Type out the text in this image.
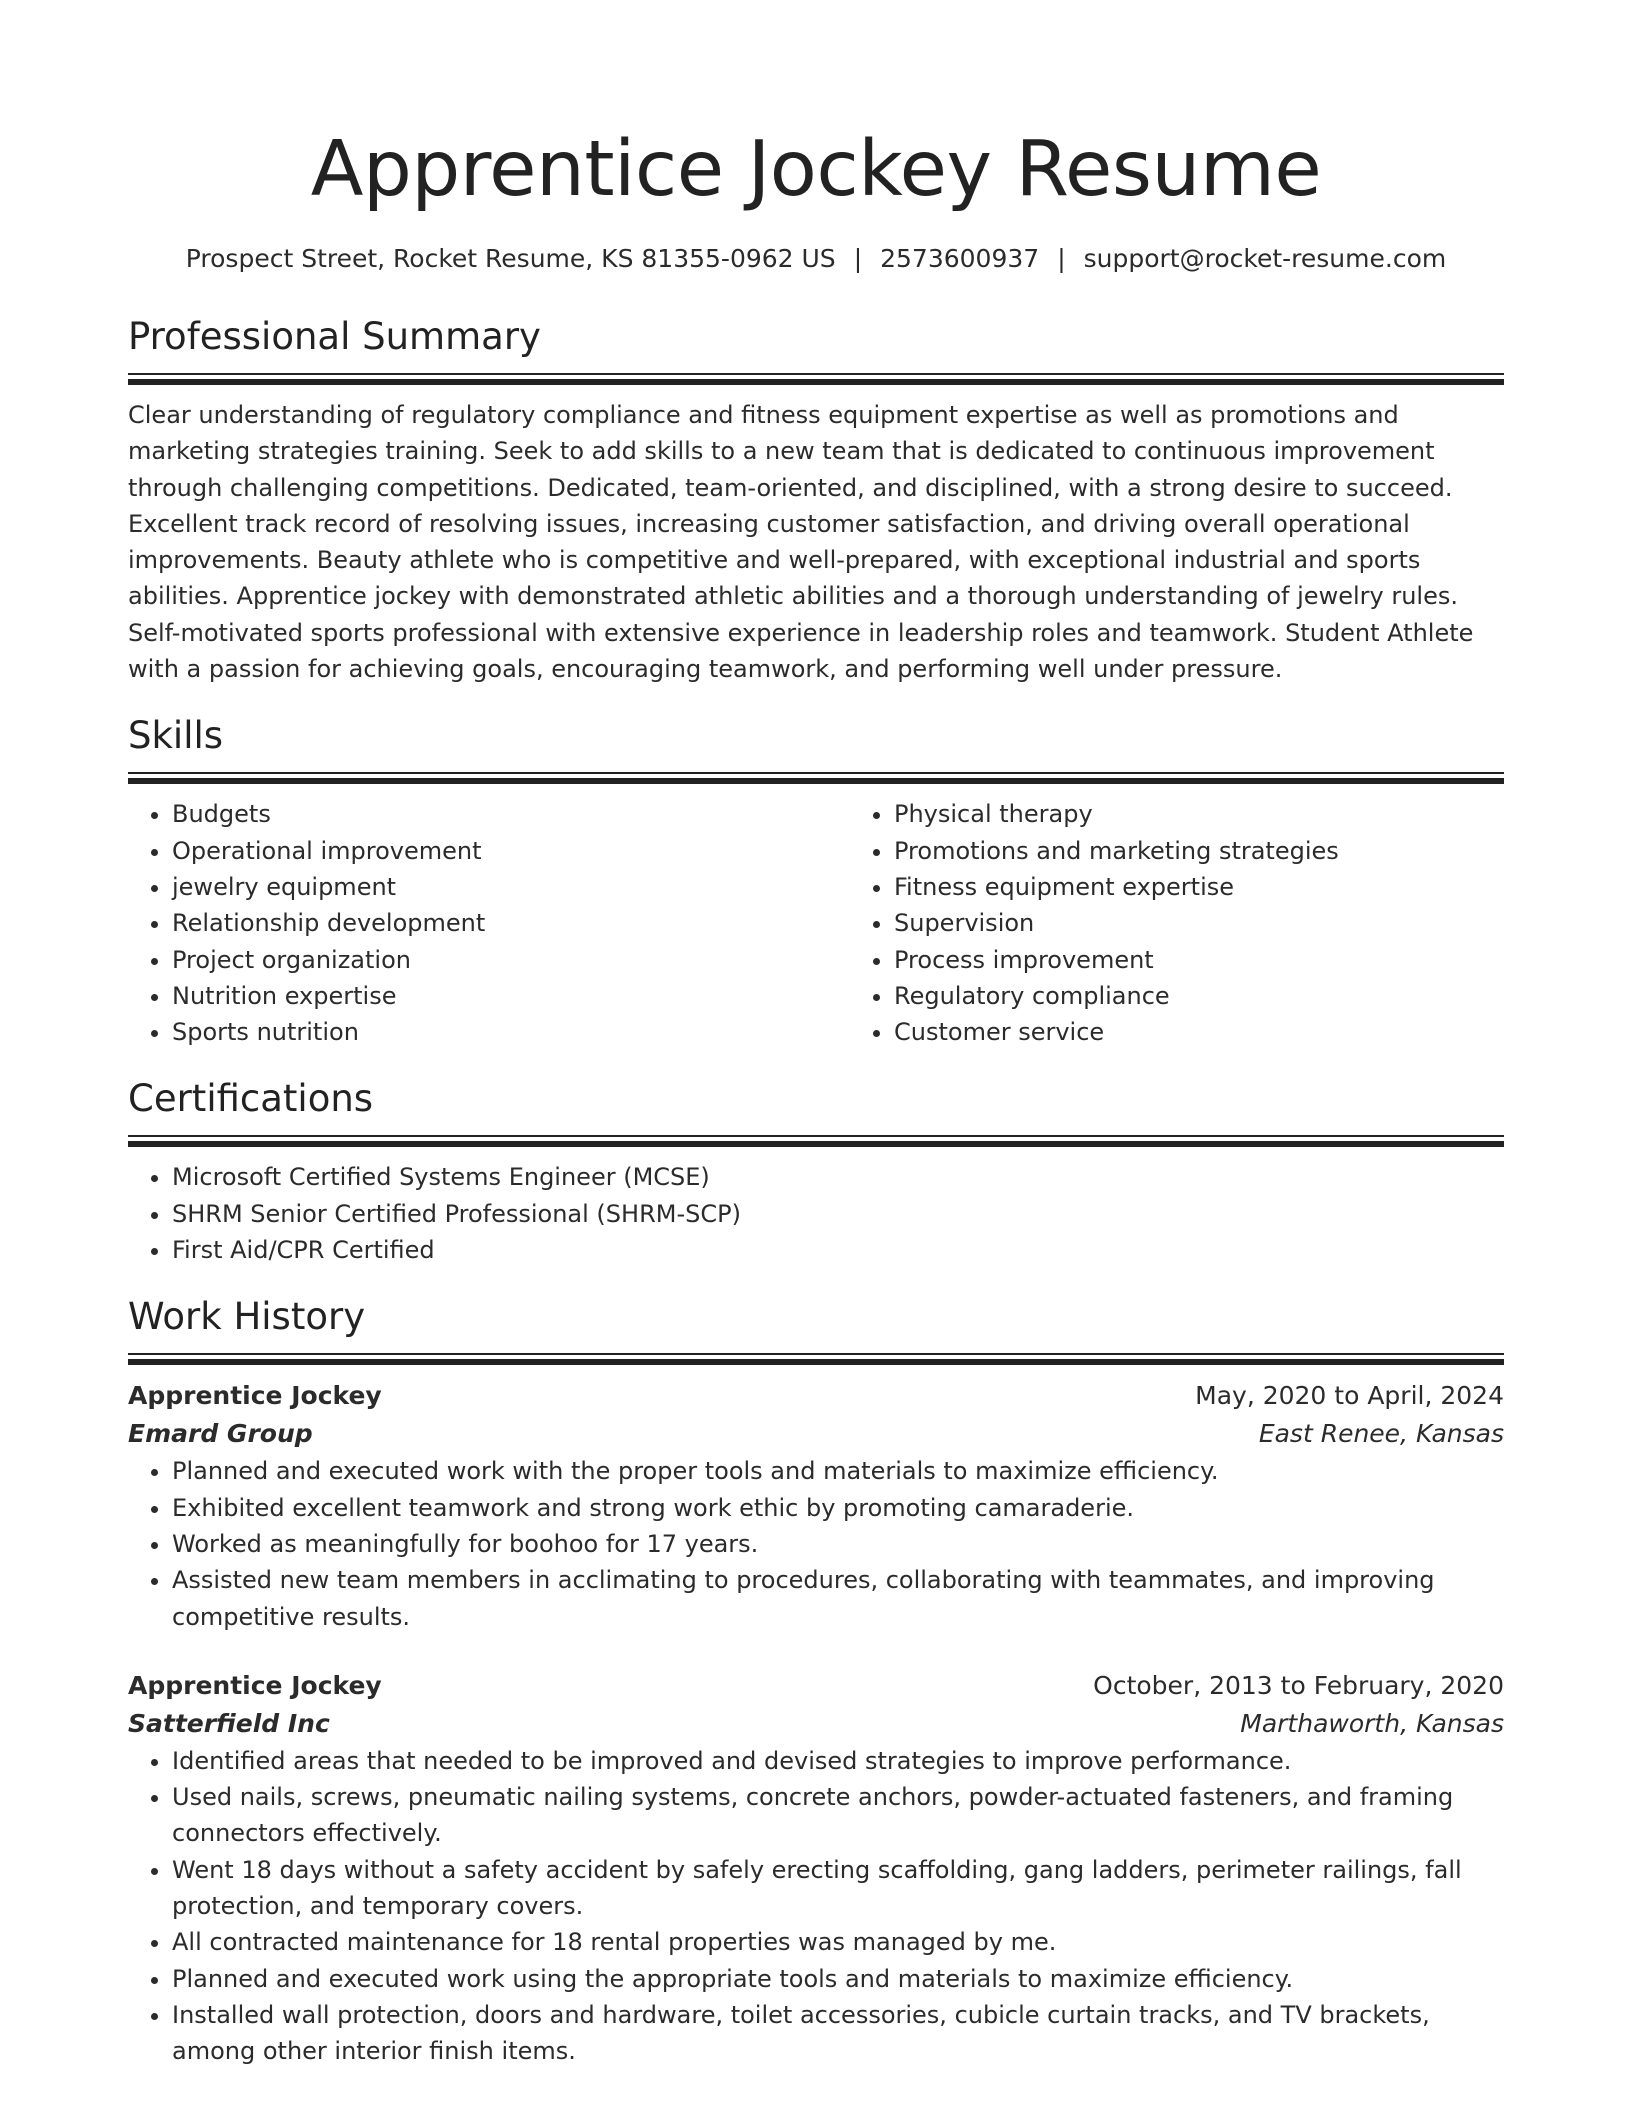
Apprentice Jockey Resume
Prospect Street, Rocket Resume, KS 81355-0962 US | 2573600937 | support@rocket-resume.com
Professional Summary

Clear understanding of regulatory compliance and fitness equipment expertise as well as promotions and marketing strategies training. Seek to add skills to a new team that is dedicated to continuous improvement through challenging competitions. Dedicated, team-oriented, and disciplined, with a strong desire to succeed. Excellent track record of resolving issues, increasing customer satisfaction, and driving overall operational improvements. Beauty athlete who is competitive and well-prepared, with exceptional industrial and sports abilities. Apprentice jockey with demonstrated athletic abilities and a thorough understanding of jewelry rules. Self-motivated sports professional with extensive experience in leadership roles and teamwork. Student Athlete with a passion for achieving goals, encouraging teamwork, and performing well under pressure.

Skills
• Budgets
• Operational improvement
• jewelry equipment
• Relationship development
• Project organization
• Nutrition expertise
• Sports nutrition
• Physical therapy
• Promotions and marketing strategies
• Fitness equipment expertise
• Supervision
• Process improvement
• Regulatory compliance
• Customer service
Certifications
• Microsoft Certified Systems Engineer (MCSE)
• SHRM Senior Certified Professional (SHRM-SCP)
• First Aid/CPR Certified
Work History
Apprentice Jockey	May, 2020 to April, 2024
Emard Group	East Renee, Kansas
• Planned and executed work with the proper tools and materials to maximize efficiency.
• Exhibited excellent teamwork and strong work ethic by promoting camaraderie.
• Worked as meaningfully for boohoo for 17 years.
• Assisted new team members in acclimating to procedures, collaborating with teammates, and improving competitive results.
Apprentice Jockey	October, 2013 to February, 2020
Satterfield Inc	Marthaworth, Kansas
• Identified areas that needed to be improved and devised strategies to improve performance.
• Used nails, screws, pneumatic nailing systems, concrete anchors, powder-actuated fasteners, and framing connectors effectively.
• Went 18 days without a safety accident by safely erecting scaffolding, gang ladders, perimeter railings, fall protection, and temporary covers.
• All contracted maintenance for 18 rental properties was managed by me.
• Planned and executed work using the appropriate tools and materials to maximize efficiency.
• Installed wall protection, doors and hardware, toilet accessories, cubicle curtain tracks, and TV brackets, among other interior finish items.
